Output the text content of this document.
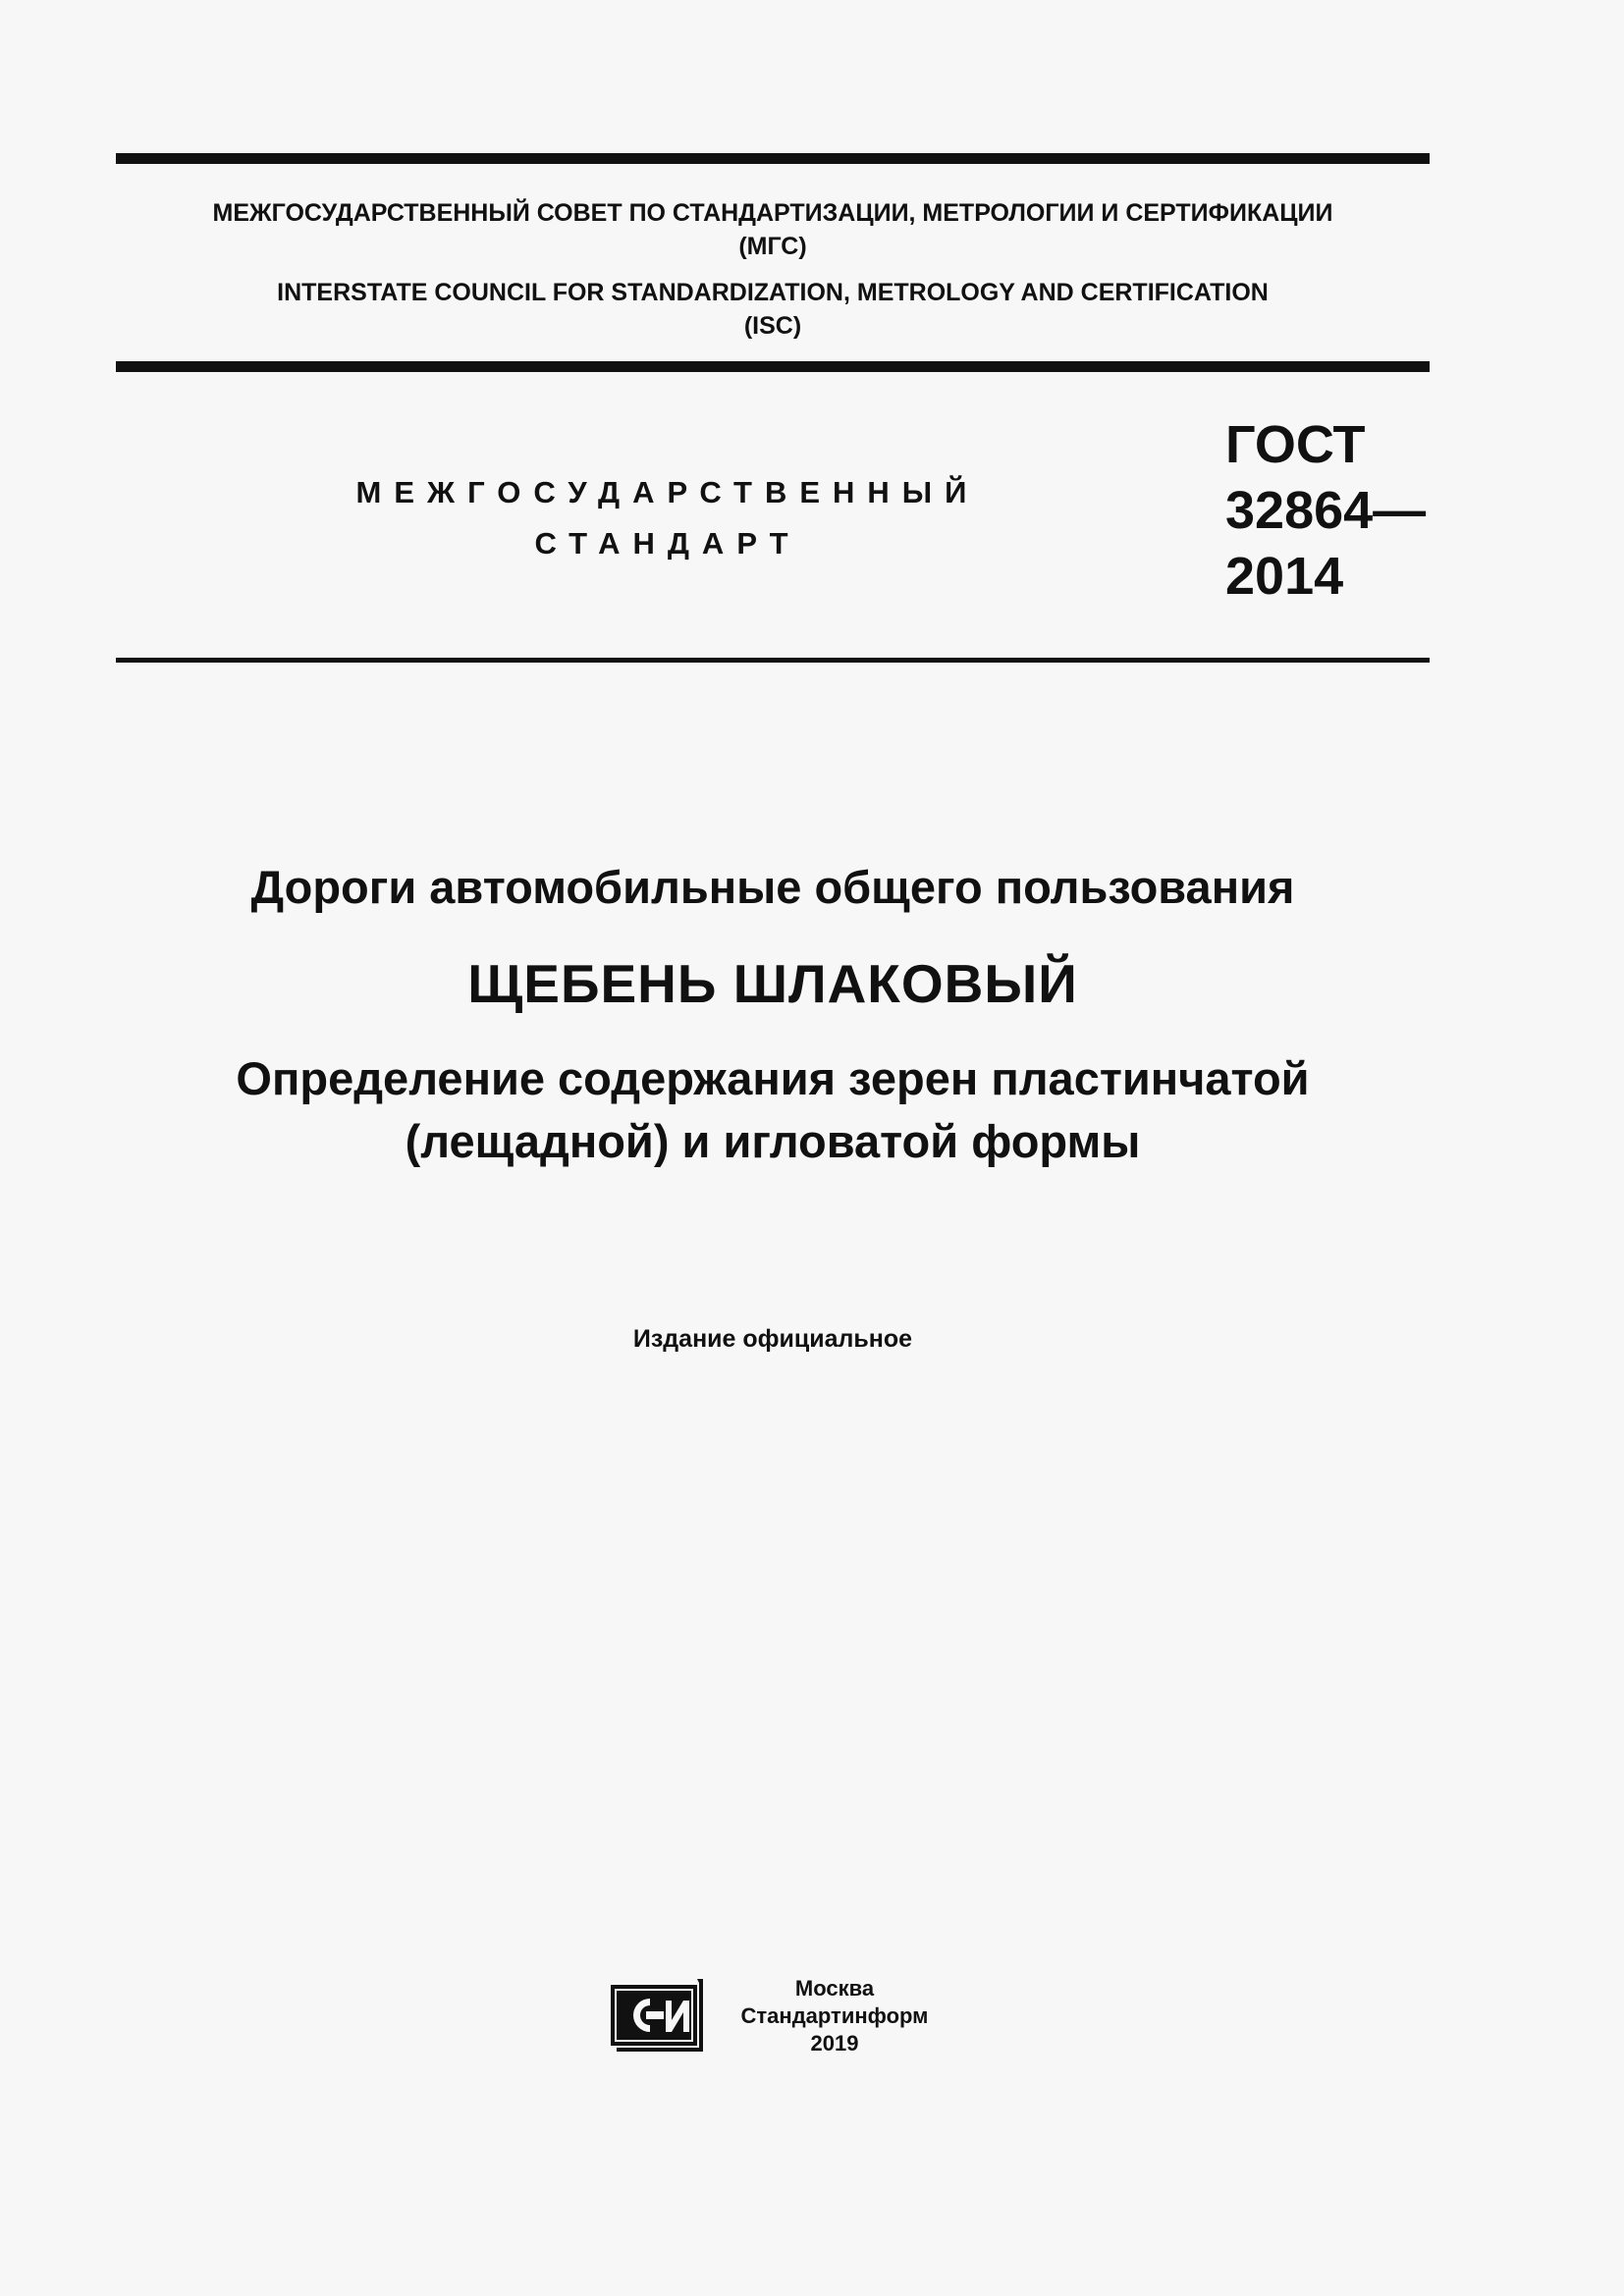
МЕЖГОСУДАРСТВЕННЫЙ СОВЕТ ПО СТАНДАРТИЗАЦИИ, МЕТРОЛОГИИ И СЕРТИФИКАЦИИ

(МГС)

INTERSTATE COUNCIL FOR STANDARDIZATION, METROLOGY AND CERTIFICATION

(ISC)

МЕЖГОСУДАРСТВЕННЫЙ

СТАНДАРТ

ГОСТ

32864—

2014

Дороги автомобильные общего пользования
ЩЕБЕНЬ ШЛАКОВЫЙ

Определение содержания зерен пластинчатой

(лещадной) и игловатой формы

Издание официальное

Москва

Стандартинформ

2019
